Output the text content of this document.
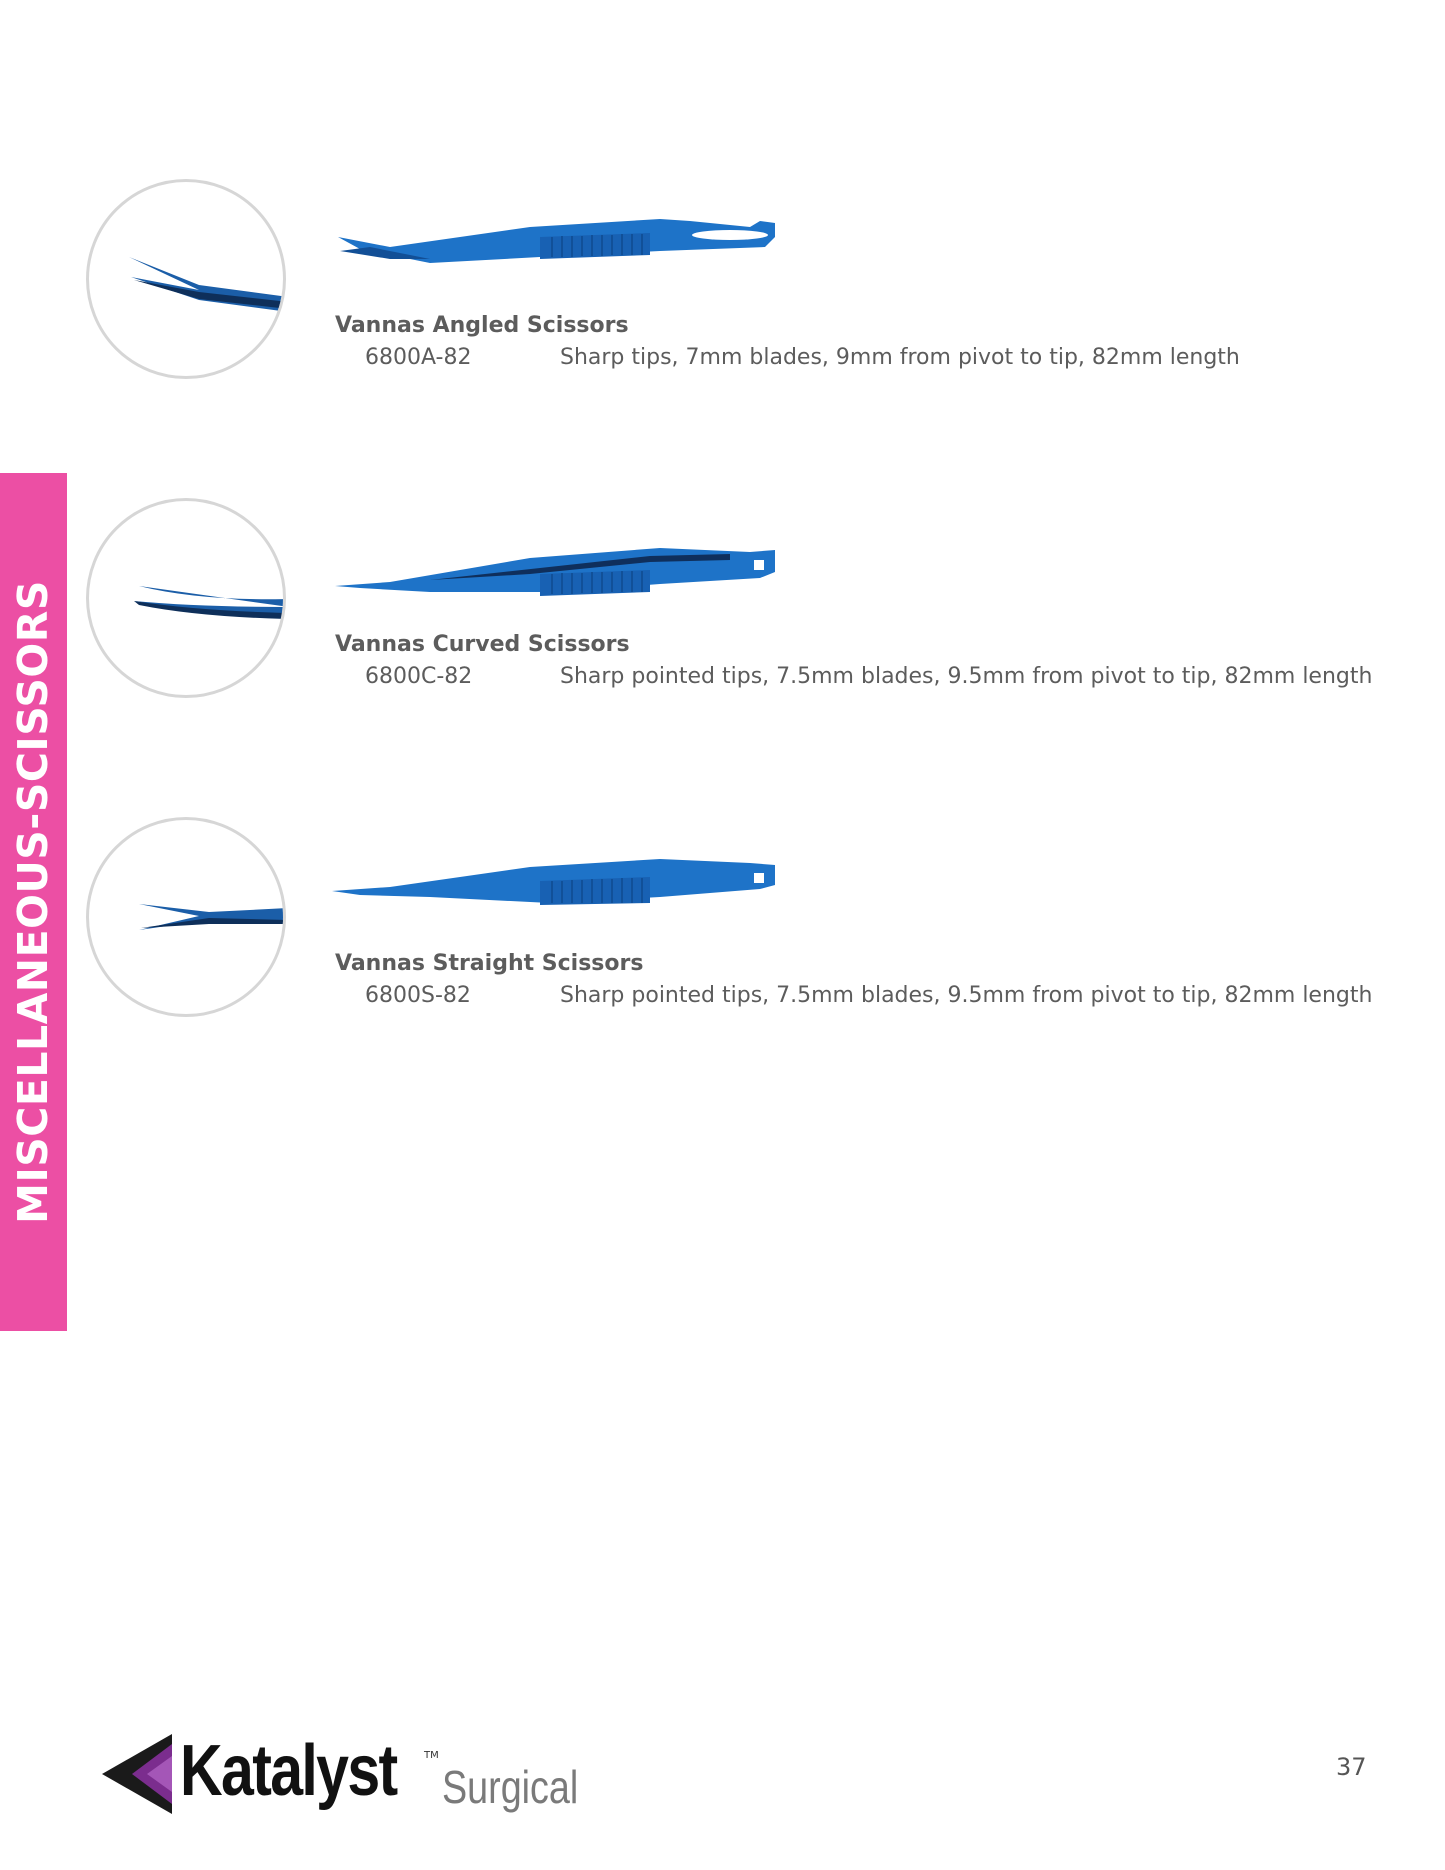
MISCELLANEOUS-SCISSORS
Vannas Angled Scissors
6800A-82	Sharp tips, 7mm blades, 9mm from pivot to tip, 82mm length
Vannas Curved Scissors
6800C-82	Sharp pointed tips, 7.5mm blades, 9.5mm from pivot to tip, 82mm length
Vannas Straight Scissors
6800S-82	Sharp pointed tips, 7.5mm blades, 9.5mm from pivot to tip, 82mm length
Katalyst	TM
Surgical	37
